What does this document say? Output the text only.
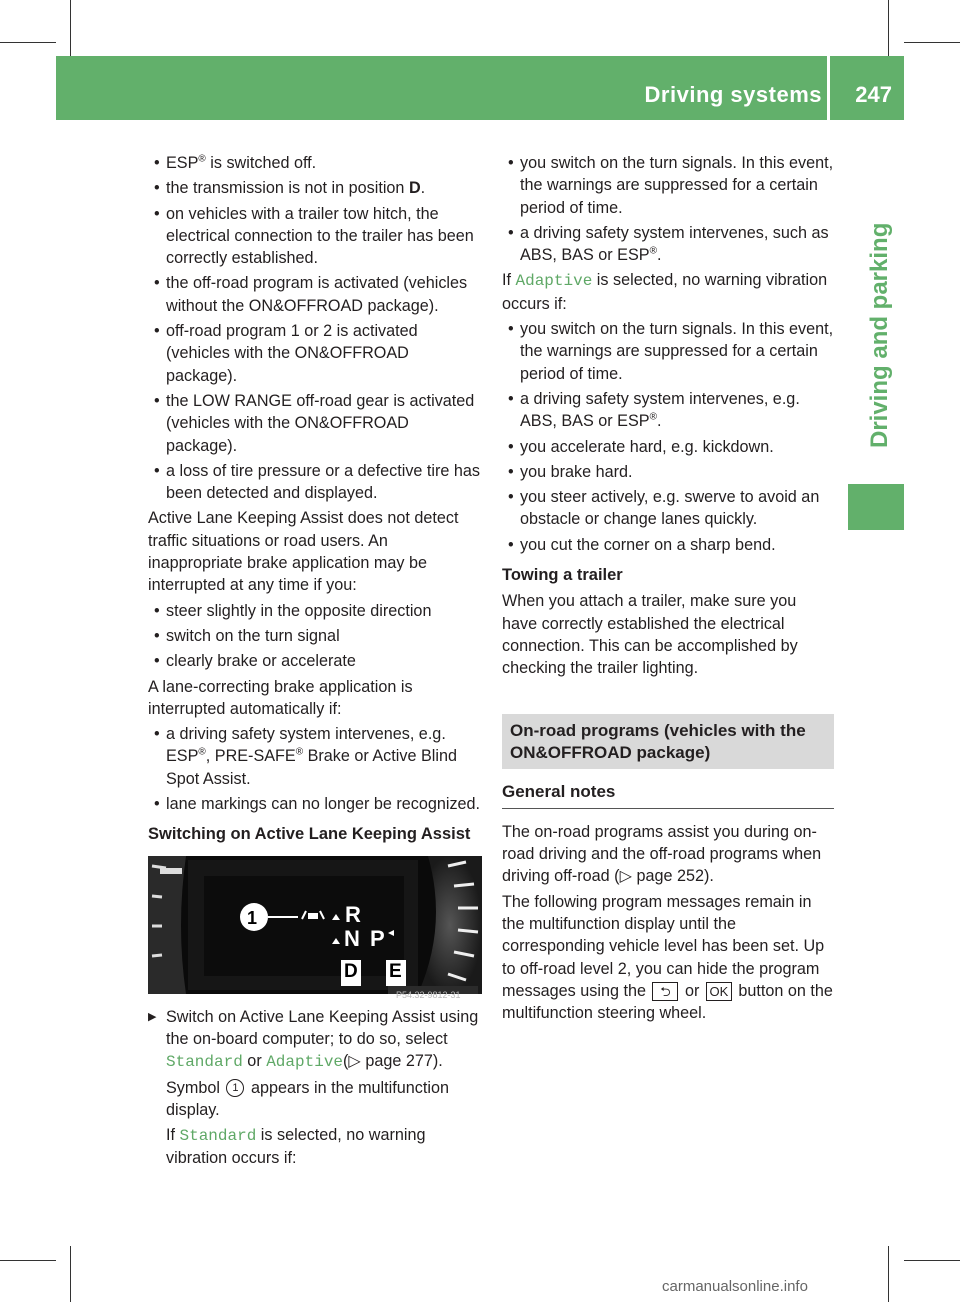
Driving systems 247
Driving and parking
• ESP® is switched off.
• the transmission is not in position D.
• on vehicles with a trailer tow hitch, the electrical connection to the trailer has been correctly established.
• the off-road program is activated (vehicles without the ON&OFFROAD package).
• off-road program 1 or 2 is activated (vehicles with the ON&OFFROAD package).
• the LOW RANGE off-road gear is activated (vehicles with the ON&OFFROAD package).
• a loss of tire pressure or a defective tire has been detected and displayed.

Active Lane Keeping Assist does not detect traffic situations or road users. An inappropriate brake application may be interrupted at any time if you:

• steer slightly in the opposite direction
• switch on the turn signal
• clearly brake or accelerate

A lane-correcting brake application is interrupted automatically if:

• a driving safety system intervenes, e.g. ESP®, PRE-SAFE® Brake or Active Blind Spot Assist.
• lane markings can no longer be recognized.
Switching on Active Lane Keeping Assist
1	R
N P
D E
P54.32-9812-31
▶ Switch on Active Lane Keeping Assist using the on-board computer; to do so, select Standard or Adaptive(▷ page 277).

Symbol 1 appears in the multifunction display.

If Standard is selected, no warning vibration occurs if:

• you switch on the turn signals. In this event, the warnings are suppressed for a certain period of time.
• a driving safety system intervenes, such as ABS, BAS or ESP®.

If Adaptive is selected, no warning vibration occurs if:

• you switch on the turn signals. In this event, the warnings are suppressed for a certain period of time.
• a driving safety system intervenes, e.g. ABS, BAS or ESP®.
• you accelerate hard, e.g. kickdown.
• you brake hard.
• you steer actively, e.g. swerve to avoid an obstacle or change lanes quickly.
• you cut the corner on a sharp bend.
Towing a trailer

When you attach a trailer, make sure you have correctly established the electrical connection. This can be accomplished by checking the trailer lighting.

On-road programs (vehicles with the ON&OFFROAD package)
General notes

The on-road programs assist you during on-road driving and the off-road programs when driving off-road (▷ page 252).

The following program messages remain in the multifunction display until the corresponding vehicle level has been set. Up to off-road level 2, you can hide the program messages using the ⮌ or OK button on the multifunction steering wheel.

carmanualsonline.info
